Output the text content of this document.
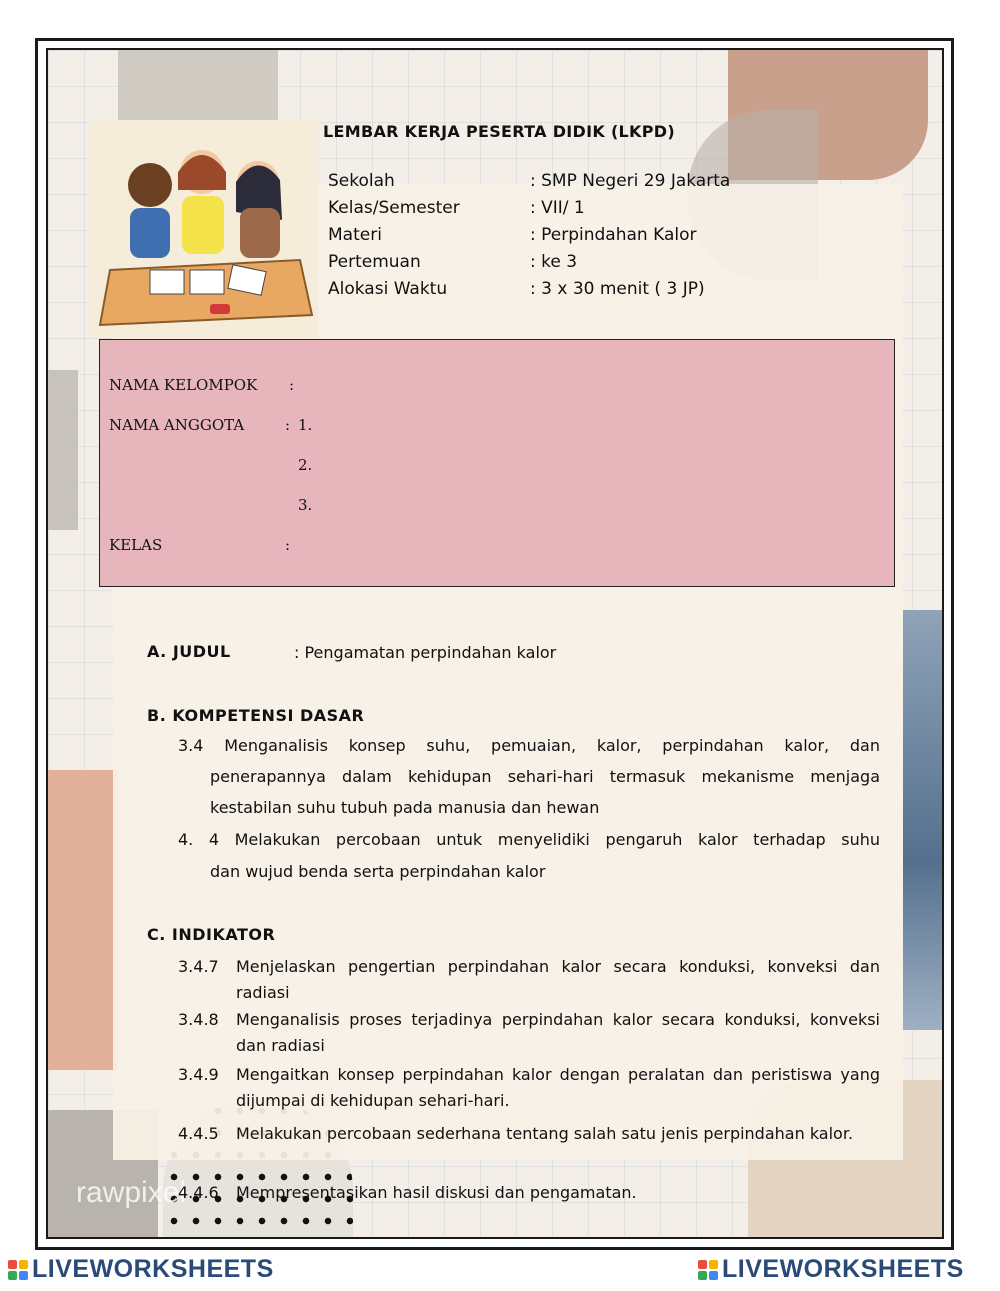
rawpixel
LEMBAR KERJA PESERTA DIDIK (LKPD)
Sekolah	: SMP Negeri 29 Jakarta
Kelas/Semester	: VII/ 1
Materi	: Perpindahan Kalor
Pertemuan	: ke 3
Alokasi Waktu	: 3 x 30 menit ( 3 JP)
NAMA KELOMPOK :
NAMA ANGGOTA	: 1.
2.
3.
KELAS	:
A. JUDUL	: Pengamatan perpindahan kalor
B. KOMPETENSI DASAR
3.4 Menganalisis konsep suhu, pemuaian, kalor, perpindahan kalor, dan
penerapannya dalam kehidupan sehari-hari termasuk mekanisme menjaga
kestabilan suhu tubuh pada manusia dan hewan
4. 4 Melakukan percobaan untuk menyelidiki pengaruh kalor terhadap suhu
dan wujud benda serta perpindahan kalor
C. INDIKATOR
3.4.7 Menjelaskan pengertian perpindahan kalor secara konduksi, konveksi dan radiasi
3.4.8 Menganalisis proses terjadinya perpindahan kalor secara konduksi, konveksi dan radiasi
3.4.9 Mengaitkan konsep perpindahan kalor dengan peralatan dan peristiswa yang dijumpai di kehidupan sehari-hari.
4.4.5 Melakukan percobaan sederhana tentang salah satu jenis perpindahan kalor.
4.4.6 Mempresentasikan hasil diskusi dan pengamatan.
LIVEWORKSHEETS	LIVEWORKSHEETS
